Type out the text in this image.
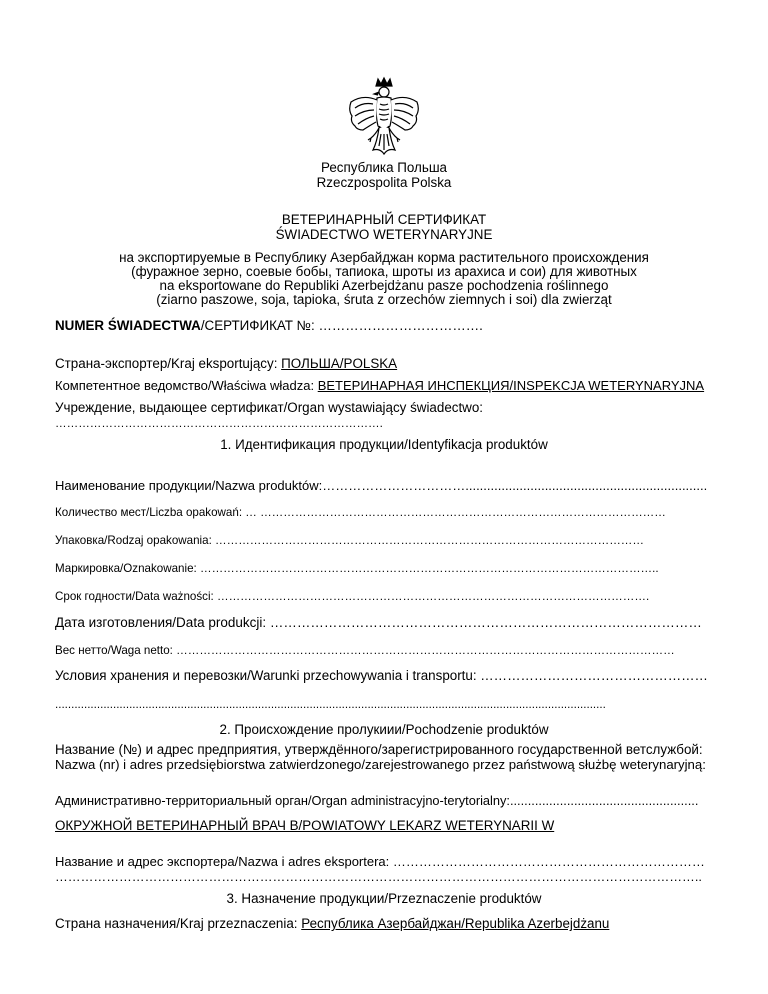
Республика Польша
Rzeczpospolita Polska
ВЕТЕРИНАРНЫЙ СЕРТИФИКАТ
ŚWIADECTWO WETERYNARYJNE
на экспортируемые в Республику Азербайджан корма растительного происхождения
(фуражное зерно, соевые бобы, тапиока, шроты из арахиса и сои) для животных
na eksportowane do Republiki Azerbejdżanu pasze pochodzenia roślinnego
(ziarno paszowe, soja, tapioka, śruta z orzechów ziemnych i soi) dla zwierząt
NUMER ŚWIADECTWA/СЕРТИФИКАТ №: ……………………………….
Страна-экспортер/Kraj eksportujący: ПОЛЬША/POLSKA
Компетентное ведомство/Właściwa władza: ВЕТЕРИНАРНАЯ ИНСПЕКЦИЯ/INSPEKCJA WETERYNARYJNA
Учреждение, выдающее сертификат/Organ wystawiający świadectwo:
………………………………………………………………………….
1. Идентификация продукции/Identyfikacja produktów
Наименование продукции/Nazwa produktów:……………………………...................................................................
Количество мест/Liczba opakowań: … ……………………………………………………………………………………………
Упаковка/Rodzaj opakowania: …………………………………………………………………………………………………
Маркировка/Oznakowanie: ………………………………………………………………………………………………………..
Срок годности/Data ważności: ………………………………………………………………………………………………….
Дата изготовления/Data produkcji: ……………………………………………………………………………………
Вес нетто/Waga netto: …………………………………………………………………………………………………………………
Условия хранения и перевозки/Warunki przechowywania i transportu: ……………………………………………
...........................................................................................................................................................................
2. Происхождение пролукиии/Pochodzenie produktów
Название (№) и адрес предприятия, утверждённого/зарегистрированного государственной ветслужбой:
Nazwa (nr) i adres przedsiębiorstwa zatwierdzonego/zarejestrowanego przez państwową służbę weterynaryjną:
Административно-территориальный орган/Organ administracyjno-terytorialny:.....................................................
ОКРУЖНОЙ ВЕТЕРИНАРНЫЙ ВРАЧ В/POWIATOWY LEKARZ WETERYNARII W
Название и адрес экспортера/Nazwa i adres eksportera: ………………………………………………………………
……………………………………………………………………………………………………………………………………..
3. Назначение продукции/Przeznaczenie produktów
Страна назначения/Kraj przeznaczenia: Республика Азербайджан/Republika Azerbejdżanu
